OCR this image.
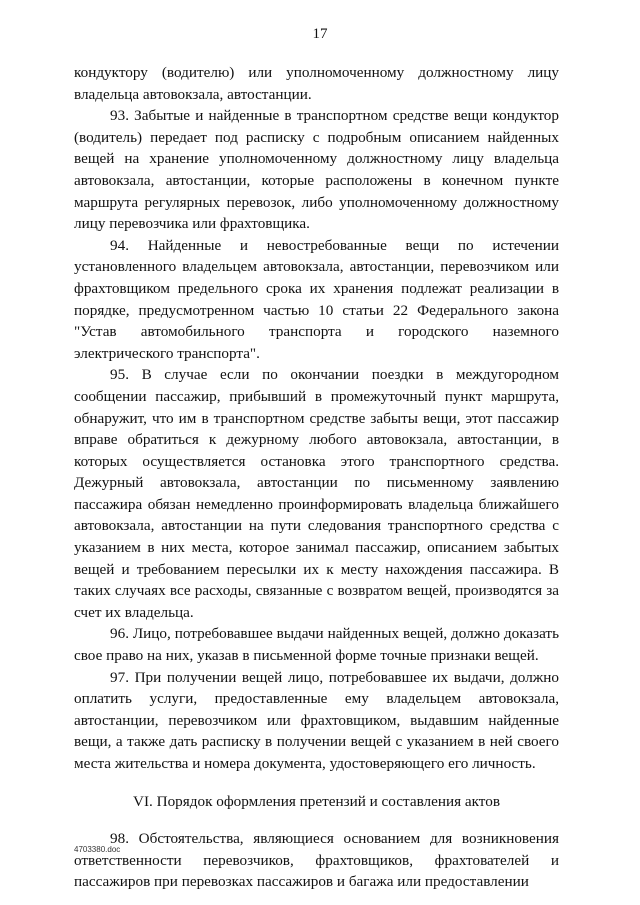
17

кондуктору (водителю) или уполномоченному должностному лицу владельца автовокзала, автостанции.

93. Забытые и найденные в транспортном средстве вещи кондуктор (водитель) передает под расписку с подробным описанием найденных вещей на хранение уполномоченному должностному лицу владельца автовокзала, автостанции, которые расположены в конечном пункте маршрута регулярных перевозок, либо уполномоченному должностному лицу перевозчика или фрахтовщика.

94. Найденные и невостребованные вещи по истечении установленного владельцем автовокзала, автостанции, перевозчиком или фрахтовщиком предельного срока их хранения подлежат реализации в порядке, предусмотренном частью 10 статьи 22 Федерального закона "Устав автомобильного транспорта и городского наземного электрического транспорта".

95. В случае если по окончании поездки в междугородном сообщении пассажир, прибывший в промежуточный пункт маршрута, обнаружит, что им в транспортном средстве забыты вещи, этот пассажир вправе обратиться к дежурному любого автовокзала, автостанции, в которых осуществляется остановка этого транспортного средства. Дежурный автовокзала, автостанции по письменному заявлению пассажира обязан немедленно проинформировать владельца ближайшего автовокзала, автостанции на пути следования транспортного средства с указанием в них места, которое занимал пассажир, описанием забытых вещей и требованием пересылки их к месту нахождения пассажира. В таких случаях все расходы, связанные с возвратом вещей, производятся за счет их владельца.

96. Лицо, потребовавшее выдачи найденных вещей, должно доказать свое право на них, указав в письменной форме точные признаки вещей.

97. При получении вещей лицо, потребовавшее их выдачи, должно оплатить услуги, предоставленные ему владельцем автовокзала, автостанции, перевозчиком или фрахтовщиком, выдавшим найденные вещи, а также дать расписку в получении вещей с указанием в ней своего места жительства и номера документа, удостоверяющего его личность.

VI. Порядок оформления претензий и составления актов

98. Обстоятельства, являющиеся основанием для возникновения ответственности перевозчиков, фрахтовщиков, фрахтователей и пассажиров при перевозках пассажиров и багажа или предоставлении

4703380.doc
